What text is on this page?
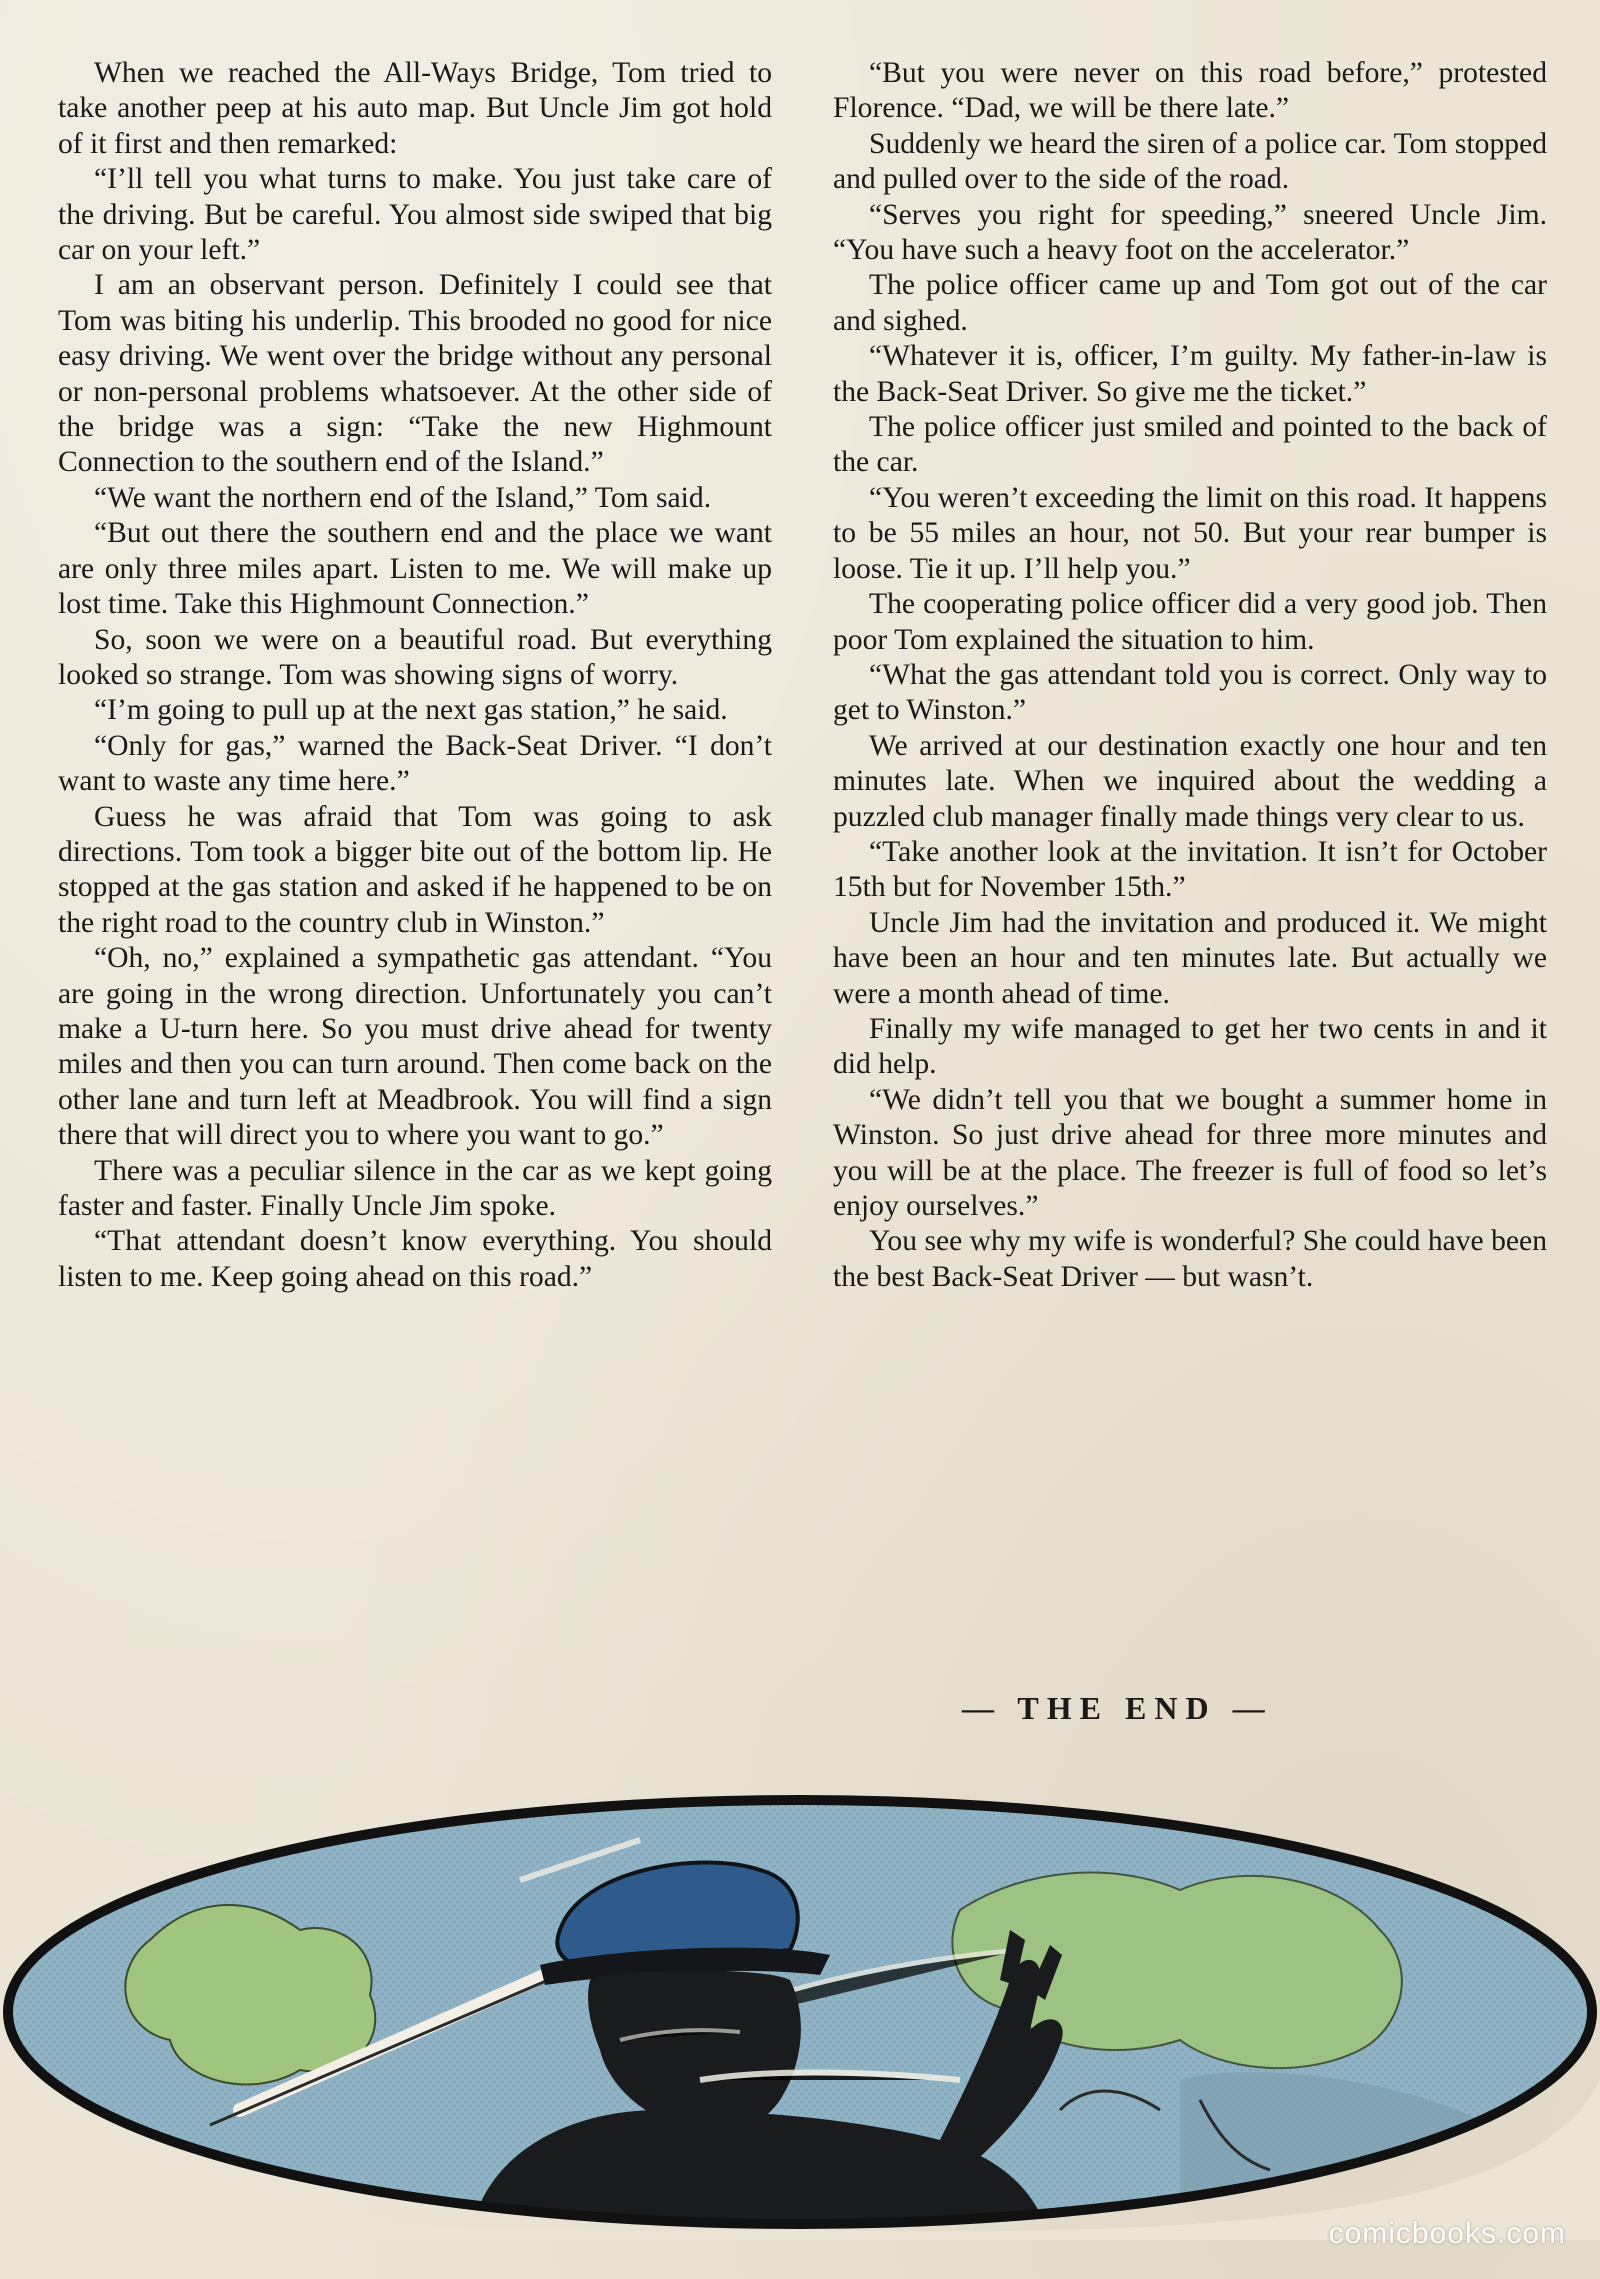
When we reached the All-Ways Bridge, Tom tried to take another peep at his auto map. But Uncle Jim got hold of it first and then remarked:

“I’ll tell you what turns to make. You just take care of the driving. But be careful. You almost side swiped that big car on your left.”

I am an observant person. Definitely I could see that Tom was biting his underlip. This brooded no good for nice easy driving. We went over the bridge without any personal or non-personal problems whatsoever. At the other side of the bridge was a sign: “Take the new Highmount Connection to the southern end of the Island.”

“We want the northern end of the Island,” Tom said.

“But out there the southern end and the place we want are only three miles apart. Listen to me. We will make up lost time. Take this Highmount Connection.”

So, soon we were on a beautiful road. But everything looked so strange. Tom was showing signs of worry.

“I’m going to pull up at the next gas station,” he said.

“Only for gas,” warned the Back-Seat Driver. “I don’t want to waste any time here.”

Guess he was afraid that Tom was going to ask directions. Tom took a bigger bite out of the bottom lip. He stopped at the gas station and asked if he happened to be on the right road to the country club in Winston.”

“Oh, no,” explained a sympathetic gas attendant. “You are going in the wrong direction. Unfortunately you can’t make a U-turn here. So you must drive ahead for twenty miles and then you can turn around. Then come back on the other lane and turn left at Meadbrook. You will find a sign there that will direct you to where you want to go.”

There was a peculiar silence in the car as we kept going faster and faster. Finally Uncle Jim spoke.

“That attendant doesn’t know everything. You should listen to me. Keep going ahead on this road.”

“But you were never on this road before,” protested Florence. “Dad, we will be there late.”

Suddenly we heard the siren of a police car. Tom stopped and pulled over to the side of the road.

“Serves you right for speeding,” sneered Uncle Jim. “You have such a heavy foot on the accelerator.”

The police officer came up and Tom got out of the car and sighed.

“Whatever it is, officer, I’m guilty. My father-in-law is the Back-Seat Driver. So give me the ticket.”

The police officer just smiled and pointed to the back of the car.

“You weren’t exceeding the limit on this road. It happens to be 55 miles an hour, not 50. But your rear bumper is loose. Tie it up. I’ll help you.”

The cooperating police officer did a very good job. Then poor Tom explained the situation to him.

“What the gas attendant told you is correct. Only way to get to Winston.”

We arrived at our destination exactly one hour and ten minutes late. When we inquired about the wedding a puzzled club manager finally made things very clear to us.

“Take another look at the invitation. It isn’t for October 15th but for November 15th.”

Uncle Jim had the invitation and produced it. We might have been an hour and ten minutes late. But actually we were a month ahead of time.

Finally my wife managed to get her two cents in and it did help.

“We didn’t tell you that we bought a summer home in Winston. So just drive ahead for three more minutes and you will be at the place. The freezer is full of food so let’s enjoy ourselves.”

You see why my wife is wonderful? She could have been the best Back-Seat Driver — but wasn’t.

— THE END —
comicbooks.com
